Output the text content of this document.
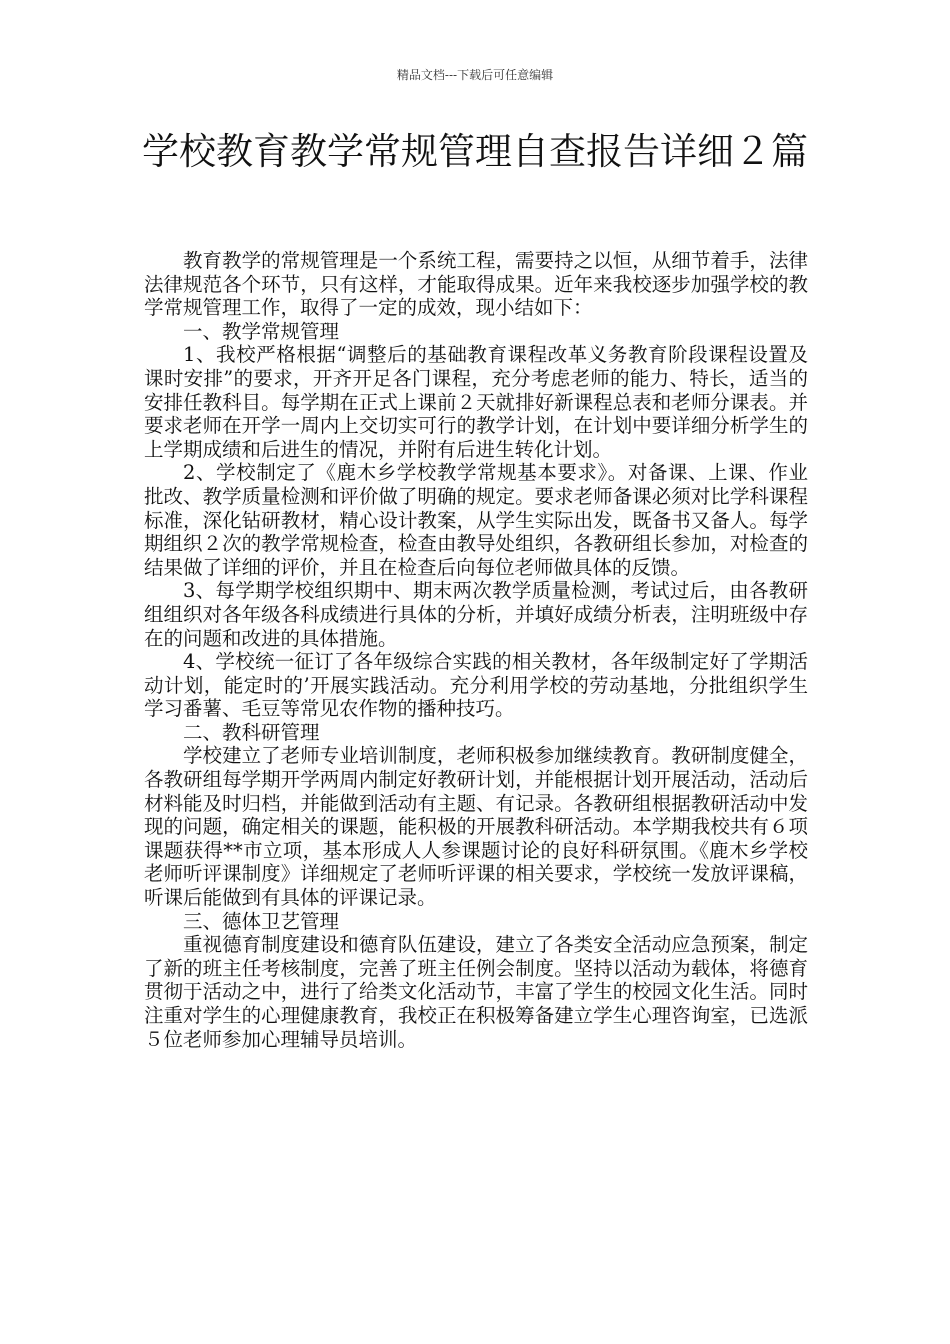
精品文档---下载后可任意编辑
学校教育教学常规管理自查报告详细２篇

教育教学的常规管理是一个系统工程，需要持之以恒，从细节着手，法律法律规范各个环节，只有这样，才能取得成果。近年来我校逐步加强学校的教学常规管理工作，取得了一定的成效，现小结如下：

一、教学常规管理

1、我校严格根据“调整后的基础教育课程改革义务教育阶段课程设置及课时安排”的要求，开齐开足各门课程，充分考虑老师的能力、特长，适当的安排任教科目。每学期在正式上课前２天就排好新课程总表和老师分课表。并要求老师在开学一周内上交切实可行的教学计划，在计划中要详细分析学生的上学期成绩和后进生的情况，并附有后进生转化计划。

2、学校制定了《鹿木乡学校教学常规基本要求》。对备课、上课、作业批改、教学质量检测和评价做了明确的规定。要求老师备课必须对比学科课程标准，深化钻研教材，精心设计教案，从学生实际出发，既备书又备人。每学期组织２次的教学常规检查，检查由教导处组织，各教研组长参加，对检查的结果做了详细的评价，并且在检查后向每位老师做具体的反馈。

3、每学期学校组织期中、期末两次教学质量检测，考试过后，由各教研组组织对各年级各科成绩进行具体的分析，并填好成绩分析表，注明班级中存在的问题和改进的具体措施。

4、学校统一征订了各年级综合实践的相关教材，各年级制定好了学期活动计划，能定时的’开展实践活动。充分利用学校的劳动基地，分批组织学生学习番薯、毛豆等常见农作物的播种技巧。

二、教科研管理

学校建立了老师专业培训制度，老师积极参加继续教育。教研制度健全，各教研组每学期开学两周内制定好教研计划，并能根据计划开展活动，活动后材料能及时归档，并能做到活动有主题、有记录。各教研组根据教研活动中发现的问题，确定相关的课题，能积极的开展教科研活动。本学期我校共有６项课题获得**市立项，基本形成人人参课题讨论的良好科研氛围。《鹿木乡学校老师听评课制度》详细规定了老师听评课的相关要求，学校统一发放评课稿，听课后能做到有具体的评课记录。

三、德体卫艺管理

重视德育制度建设和德育队伍建设，建立了各类安全活动应急预案，制定了新的班主任考核制度，完善了班主任例会制度。坚持以活动为载体，将德育贯彻于活动之中，进行了给类文化活动节，丰富了学生的校园文化生活。同时注重对学生的心理健康教育，我校正在积极筹备建立学生心理咨询室，已选派５位老师参加心理辅导员培训。
